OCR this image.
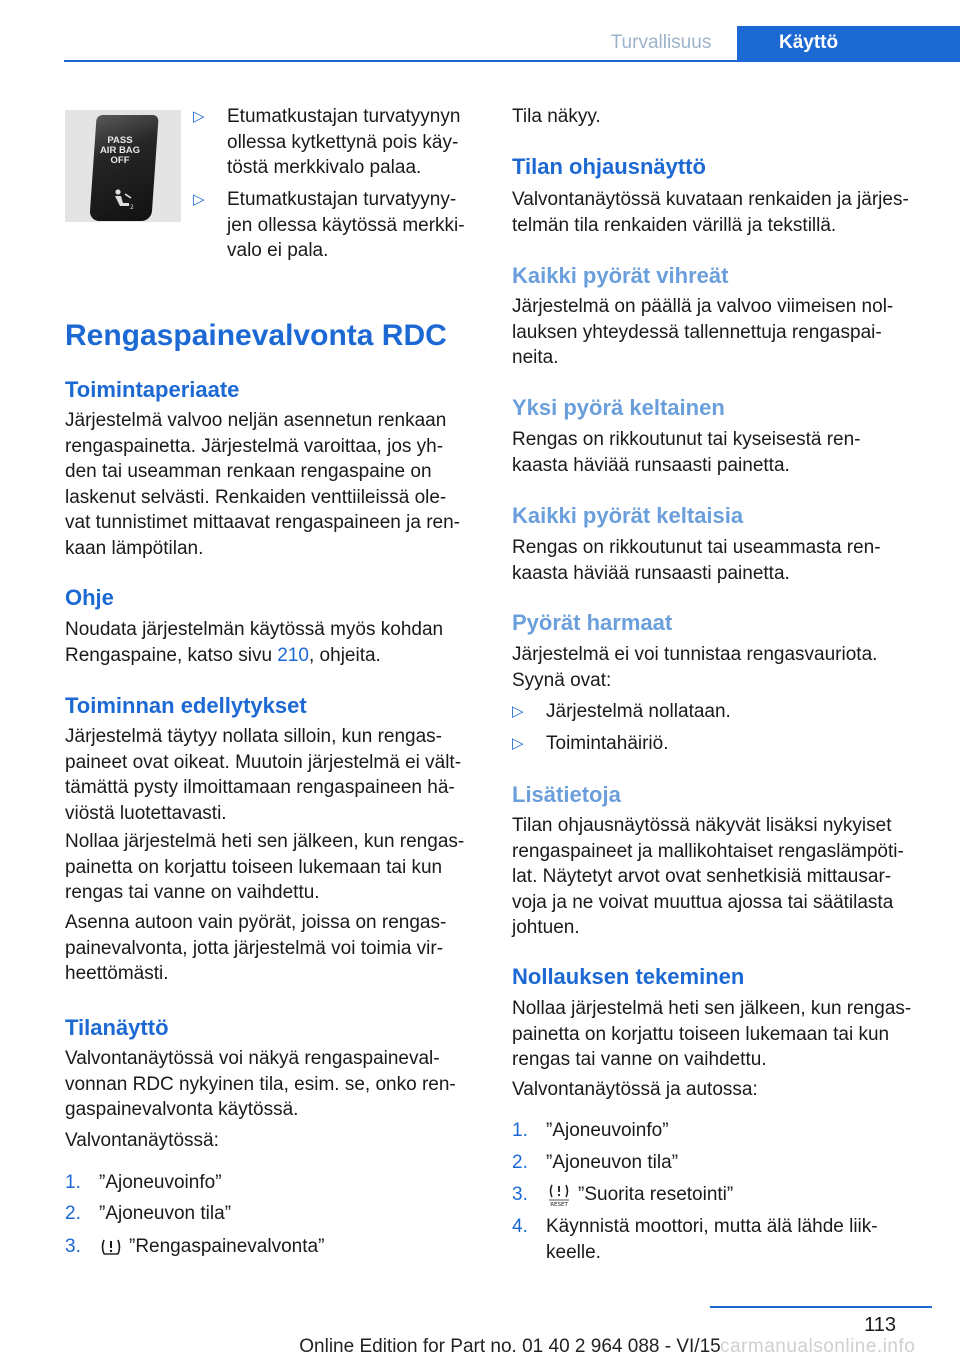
Turvallisuus	Käyttö
PASS
AIR BAG
OFF
2
▷	Etumatkustajan turvatyynyn
ollessa kytkettynä pois käy-
töstä merkkivalo palaa.
▷	Etumatkustajan turvatyyny-
jen ollessa käytössä merkki-
valo ei pala.
Rengaspainevalvonta RDC
Toimintaperiaate
Järjestelmä valvoo neljän asennetun renkaan
rengaspainetta. Järjestelmä varoittaa, jos yh-
den tai useamman renkaan rengaspaine on
laskenut selvästi. Renkaiden venttiileissä ole-
vat tunnistimet mittaavat rengaspaineen ja ren-
kaan lämpötilan.
Ohje
Noudata järjestelmän käytössä myös kohdan
Rengaspaine, katso sivu 210, ohjeita.
Toiminnan edellytykset
Järjestelmä täytyy nollata silloin, kun rengas-
paineet ovat oikeat. Muutoin järjestelmä ei vält-
tämättä pysty ilmoittamaan rengaspaineen hä-
viöstä luotettavasti.
Nollaa järjestelmä heti sen jälkeen, kun rengas-
painetta on korjattu toiseen lukemaan tai kun
rengas tai vanne on vaihdettu.
Asenna autoon vain pyörät, joissa on rengas-
painevalvonta, jotta järjestelmä voi toimia vir-
heettömästi.
Tilanäyttö
Valvontanäytössä voi näkyä rengaspaineval-
vonnan RDC nykyinen tila, esim. se, onko ren-
gaspainevalvonta käytössä.
Valvontanäytössä:
1. ”Ajoneuvoinfo”
2. ”Ajoneuvon tila”
3.	”Rengaspainevalvonta”
Tila näkyy.
Tilan ohjausnäyttö
Valvontanäytössä kuvataan renkaiden ja järjes-
telmän tila renkaiden värillä ja tekstillä.
Kaikki pyörät vihreät
Järjestelmä on päällä ja valvoo viimeisen nol-
lauksen yhteydessä tallennettuja rengaspai-
neita.
Yksi pyörä keltainen
Rengas on rikkoutunut tai kyseisestä ren-
kaasta häviää runsaasti painetta.
Kaikki pyörät keltaisia
Rengas on rikkoutunut tai useammasta ren-
kaasta häviää runsaasti painetta.
Pyörät harmaat
Järjestelmä ei voi tunnistaa rengasvauriota.
Syynä ovat:
▷	Järjestelmä nollataan.
▷	Toimintahäiriö.
Lisätietoja
Tilan ohjausnäytössä näkyvät lisäksi nykyiset
rengaspaineet ja mallikohtaiset rengaslämpöti-
lat. Näytetyt arvot ovat senhetkisiä mittausar-
voja ja ne voivat muuttua ajossa tai säätilasta
johtuen.
Nollauksen tekeminen
Nollaa järjestelmä heti sen jälkeen, kun rengas-
painetta on korjattu toiseen lukemaan tai kun
rengas tai vanne on vaihdettu.
Valvontanäytössä ja autossa:
1. ”Ajoneuvoinfo”
2. ”Ajoneuvon tila”
3.	RESET ”Suorita resetointi”
4. Käynnistä moottori, mutta älä lähde liik-
keelle.
113
Online Edition for Part no. 01 40 2 964 088 - VI/15 carmanualsonline.info
